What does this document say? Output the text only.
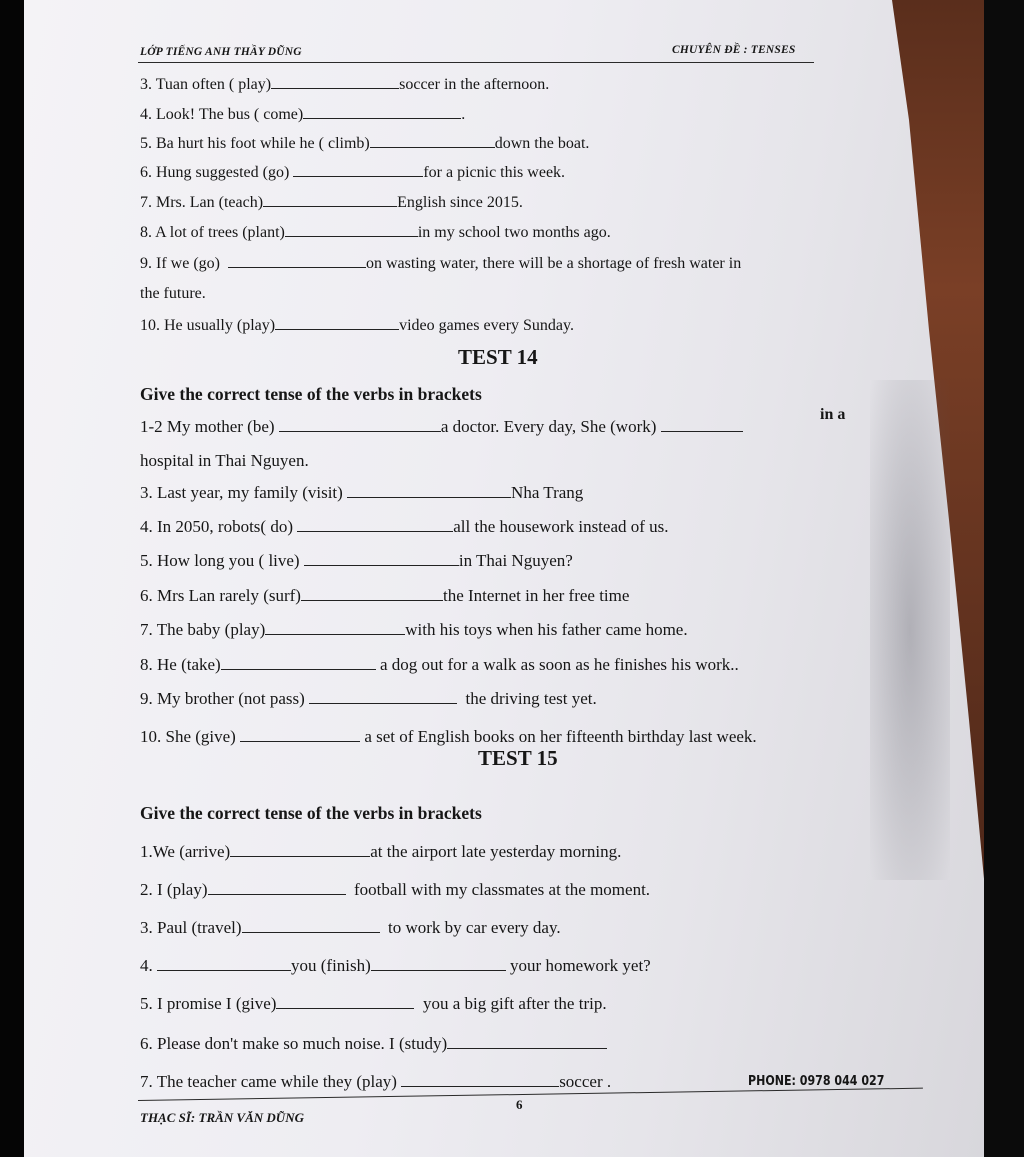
LỚP TIẾNG ANH THẦY DŨNG	CHUYÊN ĐỀ : TENSES
3. Tuan often ( play)	soccer in the afternoon.
4. Look! The bus ( come)	.
5. Ba hurt his foot while he ( climb)	down the boat.
6. Hung suggested (go)	for a picnic this week.
7. Mrs. Lan (teach)	English since 2015.
8. A lot of trees (plant)	in my school two months ago.
9. If we (go)	on wasting water, there will be a shortage of fresh water in
the future.
10. He usually (play)	video games every Sunday.
TEST 14
Give the correct tense of the verbs in brackets
1-2 My mother (be)	a doctor. Every day, She (work)
in a
hospital in Thai Nguyen.
3. Last year, my family (visit)	Nha Trang
4. In 2050, robots( do)	all the housework instead of us.
5. How long you ( live)	in Thai Nguyen?
6. Mrs Lan rarely (surf)	the Internet in her free time
7. The baby (play)	with his toys when his father came home.
8. He (take)	a dog out for a walk as soon as he finishes his work..
9. My brother (not pass)	the driving test yet.
10. She (give)	a set of English books on her fifteenth birthday last week.
TEST 15
Give the correct tense of the verbs in brackets
1.We (arrive)	at the airport late yesterday morning.
2. I (play)	football with my classmates at the moment.
3. Paul (travel)	to work by car every day.
4.	you (finish)	your homework yet?
5. I promise I (give)	you a big gift after the trip.
6. Please don't make so much noise. I (study)
7. The teacher came while they (play)	soccer .
THẠC SĨ: TRẦN VĂN DŨNG
6
PHONE: 0978 044 027
